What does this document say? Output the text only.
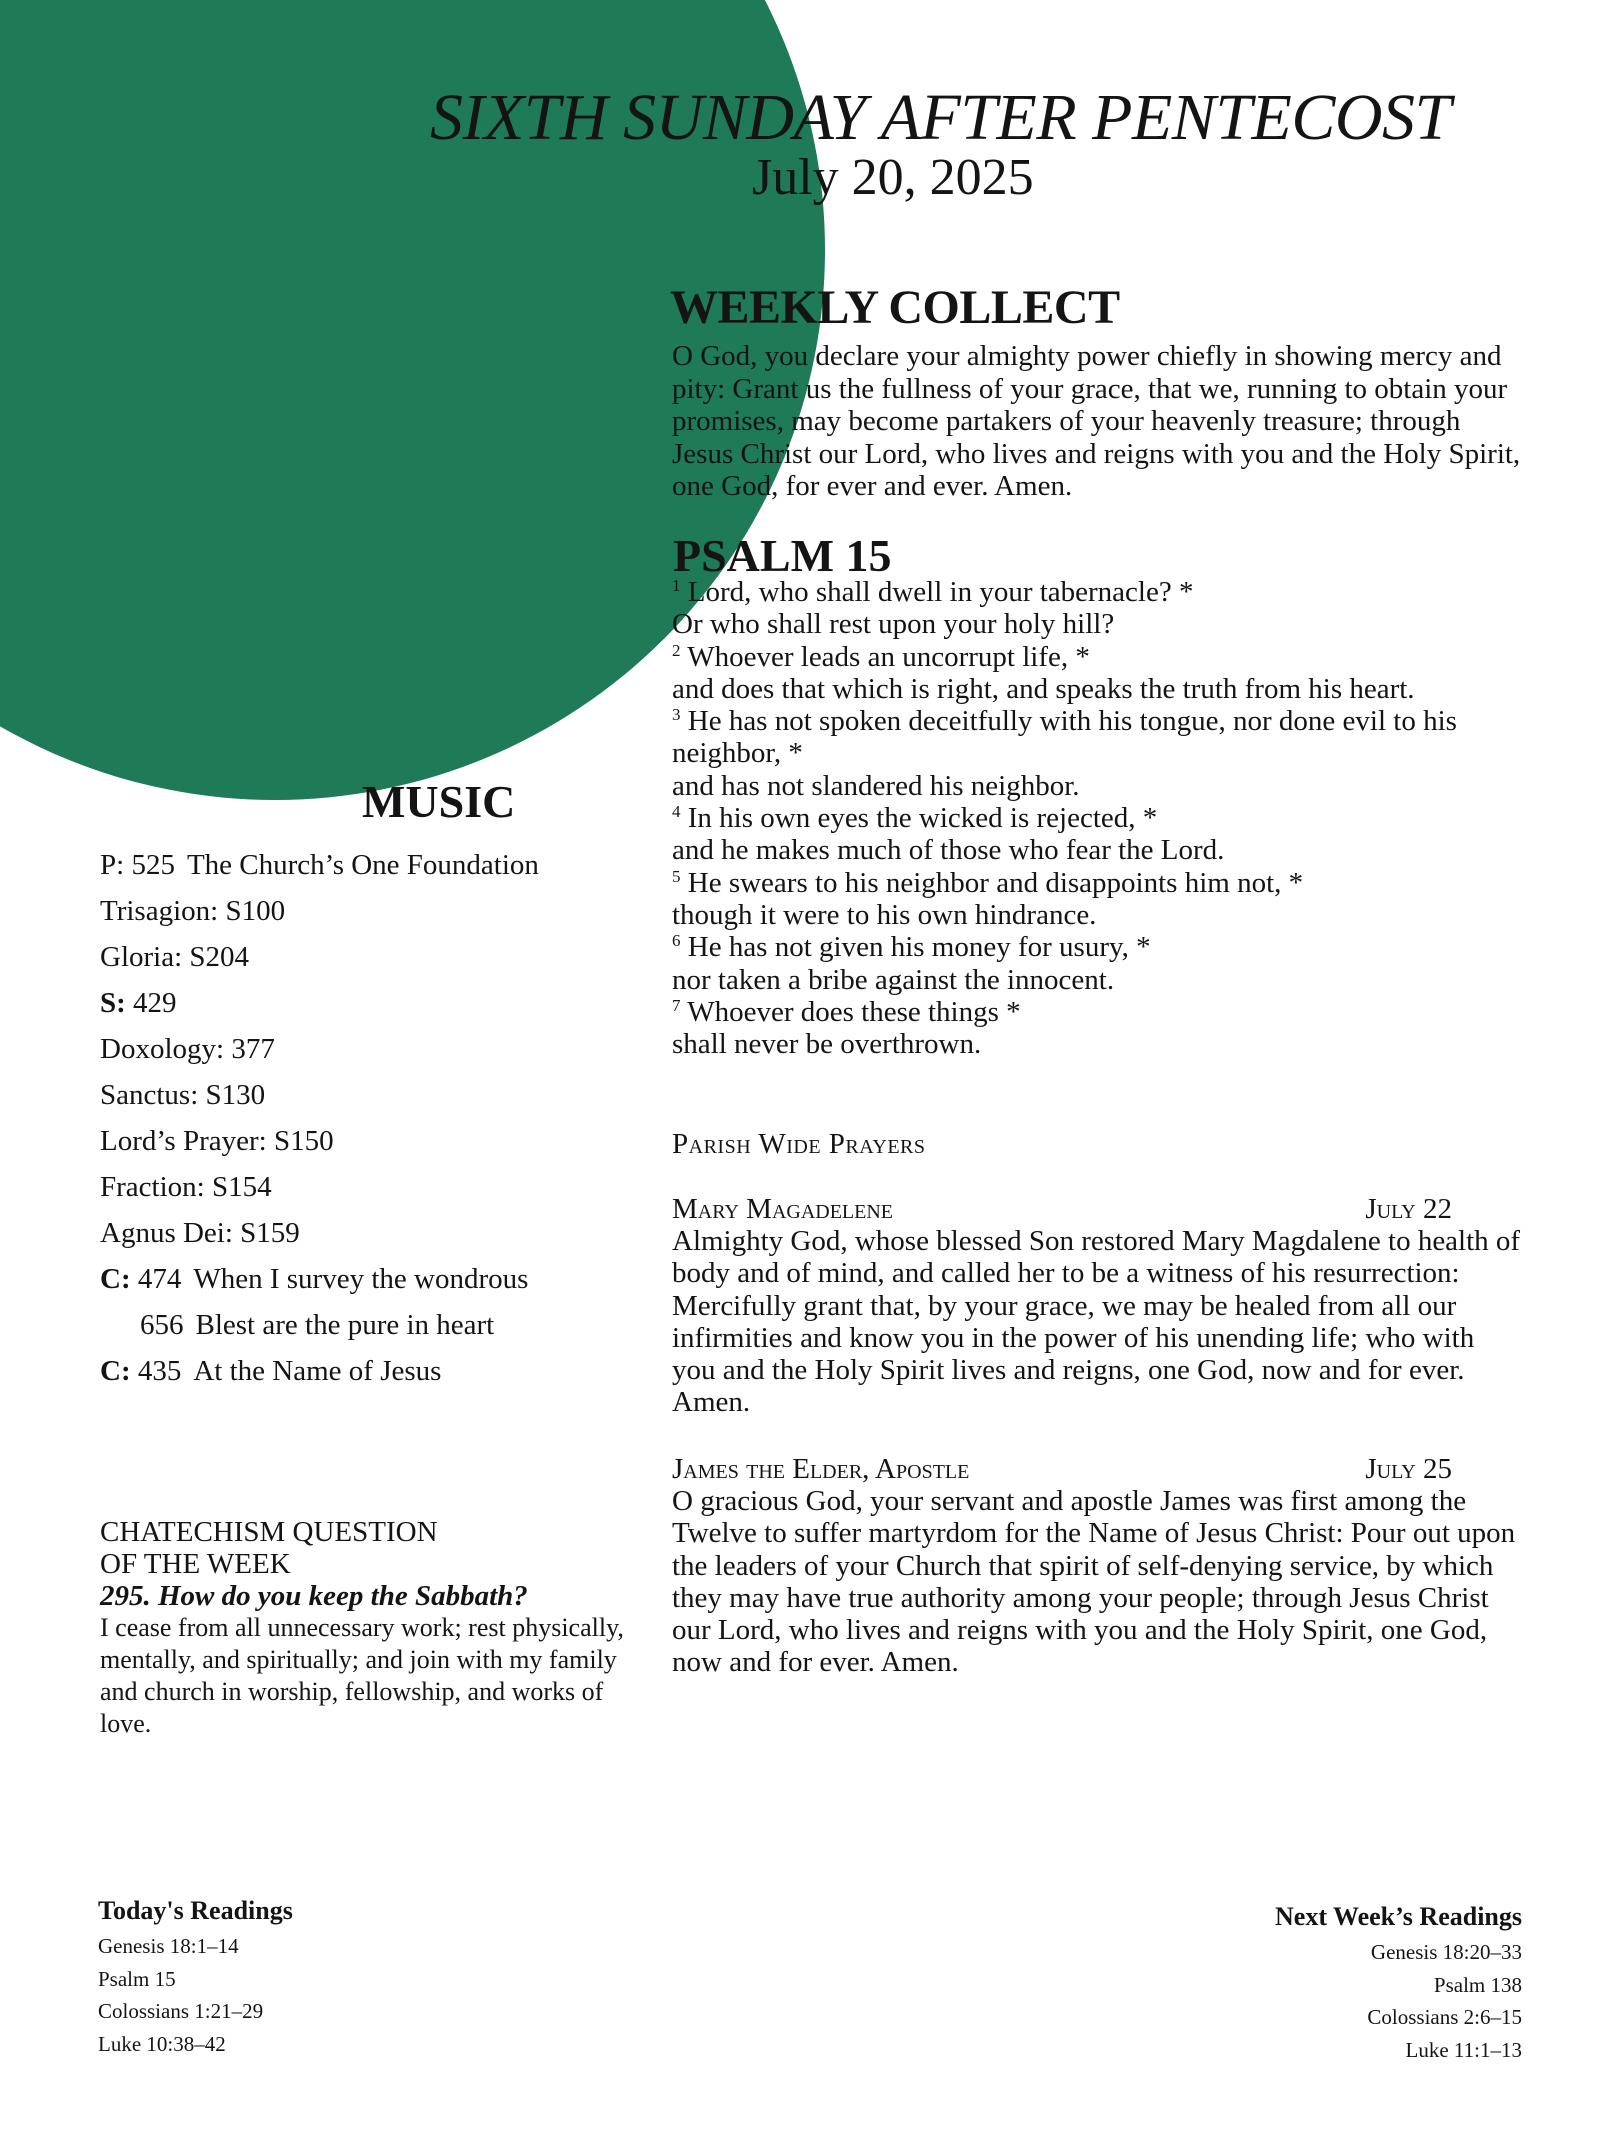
SIXTH SUNDAY AFTER PENTECOST
July 20, 2025
WEEKLY COLLECT

O God, you declare your almighty power chiefly in showing mercy and pity: Grant us the fullness of your grace, that we, running to obtain your promises, may become partakers of your heavenly treasure; through Jesus Christ our Lord, who lives and reigns with you and the Holy Spirit, one God, for ever and ever. Amen.

PSALM 15
$^1$ Lord, who shall dwell in your tabernacle? *
Or who shall rest upon your holy hill?
$^2$ Whoever leads an uncorrupt life, *
and does that which is right, and speaks the truth from his heart.
$^3$ He has not spoken deceitfully with his tongue, nor done evil to his neighbor, *
and has not slandered his neighbor.
$^4$ In his own eyes the wicked is rejected, *
and he makes much of those who fear the Lord.
$^5$ He swears to his neighbor and disappoints him not, *
though it were to his own hindrance.
$^6$ He has not given his money for usury, *
nor taken a bribe against the innocent.
$^7$ Whoever does these things *
shall never be overthrown.
Parish Wide Prayers
Mary Magadelene	July 22

Almighty God, whose blessed Son restored Mary Magdalene to health of body and of mind, and called her to be a witness of his resurrection: Mercifully grant that, by your grace, we may be healed from all our infirmities and know you in the power of his unending life; who with you and the Holy Spirit lives and reigns, one God, now and for ever. Amen.

James the Elder, Apostle	July 25

O gracious God, your servant and apostle James was first among the Twelve to suffer martyrdom for the Name of Jesus Christ: Pour out upon the leaders of your Church that spirit of self-denying service, by which they may have true authority among your people; through Jesus Christ our Lord, who lives and reigns with you and the Holy Spirit, one God, now and for ever. Amen.

MUSIC
P: 525 The Church’s One Foundation
Trisagion: S100
Gloria: S204
S: 429
Doxology: 377
Sanctus: S130
Lord’s Prayer: S150
Fraction: S154
Agnus Dei: S159
C: 474 When I survey the wondrous
656 Blest are the pure in heart
C: 435 At the Name of Jesus
CHATECHISM QUESTION
OF THE WEEK

295. How do you keep the Sabbath?

I cease from all unnecessary work; rest physically, mentally, and spiritually; and join with my family and church in worship, fellowship, and works of love.

Today's Readings

Genesis 18:1–14

Psalm 15

Colossians 1:21–29

Luke 10:38–42

Next Week’s Readings

Genesis 18:20–33

Psalm 138

Colossians 2:6–15

Luke 11:1–13
